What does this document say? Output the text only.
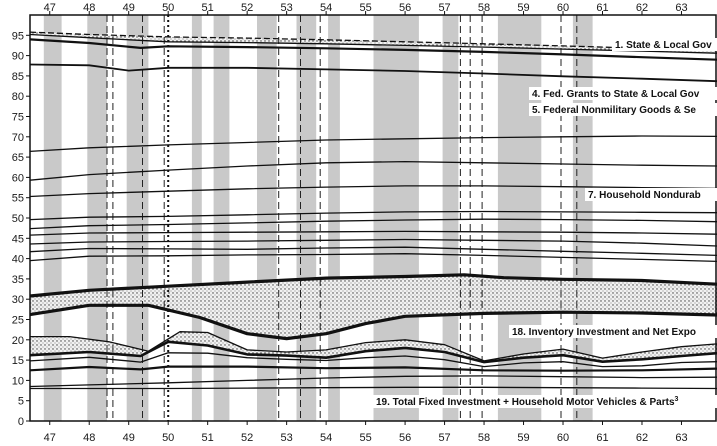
1. State & Local Gov
4. Fed. Grants to State & Local Gov
5. Federal Nonmilitary Goods & Se
7. Household Nondurab
18. Inventory Investment and Net Expo
19. Total Fixed Investment + Household Motor Vehicles & Parts$^3$
0
5
10
15
20
25
30
35
40
45
50
55
60
65
70
75
80
85
90
95
47
47
48
48
49
49
50
50
51
51
52
52
53
53
54
54
55
55
56
56
57
57
58
58
59
59
60
60
61
61
62
62
63
63
